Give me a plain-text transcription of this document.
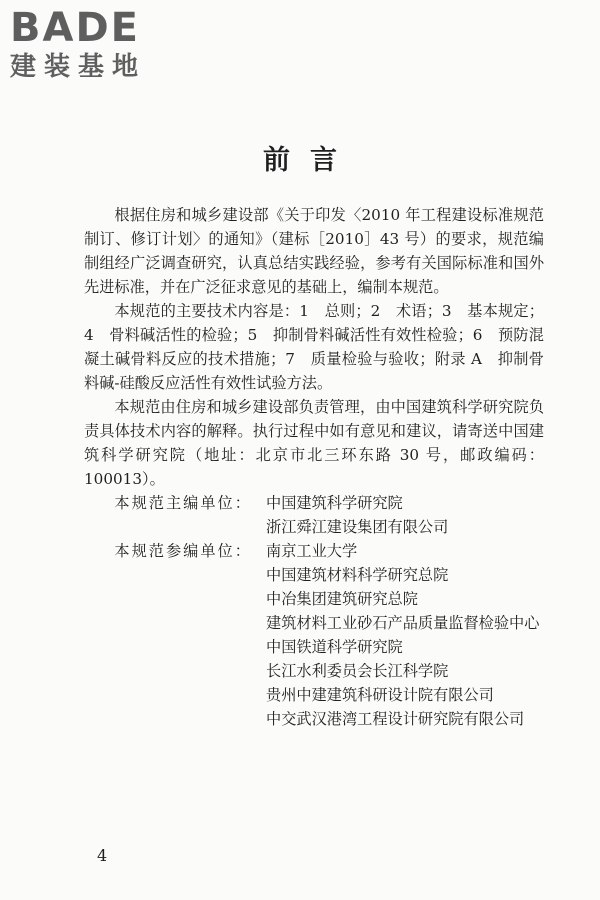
BADE

建装基地

前言

根据住房和城乡建设部《关于印发〈2010 年工程建设标准规范制订、修订计划〉的通知》（建标［2010］43 号）的要求，规范编制组经广泛调查研究，认真总结实践经验，参考有关国际标准和国外先进标准，并在广泛征求意见的基础上，编制本规范。

本规范的主要技术内容是：1　总则；2　术语；3　基本规定；4　骨料碱活性的检验；5　抑制骨料碱活性有效性检验；6　预防混凝土碱骨料反应的技术措施；7　质量检验与验收；附录 A　抑制骨料碱-硅酸反应活性有效性试验方法。

本规范由住房和城乡建设部负责管理，由中国建筑科学研究院负责具体技术内容的解释。执行过程中如有意见和建议，请寄送中国建筑科学研究院（地址：北京市北三环东路 30 号，邮政编码：100013）。

本规范主编单位： 中国建筑科学研究院
浙江舜江建设集团有限公司
本规范参编单位： 南京工业大学
中国建筑材料科学研究总院
中冶集团建筑研究总院
建筑材料工业砂石产品质量监督检验中心
中国铁道科学研究院
长江水利委员会长江科学院
贵州中建建筑科研设计院有限公司
中交武汉港湾工程设计研究院有限公司

4
